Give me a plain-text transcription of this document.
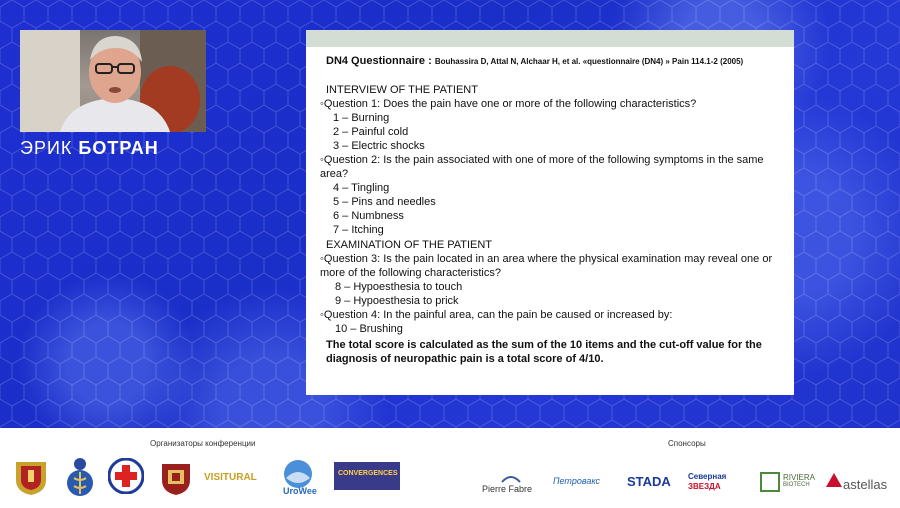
ЭРИК БОТРАН
DN4 Questionnaire : Bouhassira D, Attal N, Alchaar H, et al. «questionnaire (DN4) » Pain 114.1-2 (2005)
INTERVIEW OF THE PATIENT
◦Question 1: Does the pain have one or more of the following characteristics?
1 – Burning
2 – Painful cold
3 – Electric shocks
◦Question 2: Is the pain associated with one of more of the following symptoms in the same area?
4 – Tingling
5 – Pins and needles
6 – Numbness
7 – Itching
EXAMINATION OF THE PATIENT
◦Question 3: Is the pain located in an area where the physical examination may reveal one or more of the following characteristics?
8 – Hypoesthesia to touch
9 – Hypoesthesia to prick
◦Question 4: In the painful area, can the pain be caused or increased by:
10 – Brushing
The total score is calculated as the sum of the 10 items and the cut-off value for the diagnosis of neuropathic pain is a total score of 4/10.
Организаторы конференции	Спонсоры
VISITURAL
UroWee
CONVERGENCES
Pierre Fabre
Петровакс STADA Северная
ЗВЕЗДА
RIVIERA
BIOTECH	astellas
